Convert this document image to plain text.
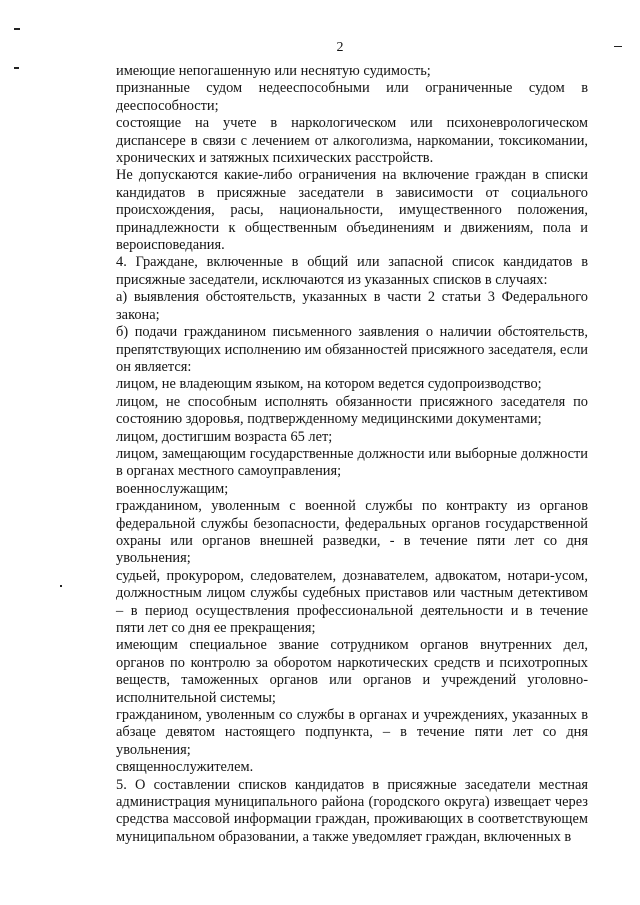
2

имеющие непогашенную или неснятую судимость;

признанные судом недееспособными или ограниченные судом в дееспособности;

состоящие на учете в наркологическом или психоневрологическом диспансере в связи с лечением от алкоголизма, наркомании, токсикомании, хронических и затяжных психических расстройств.

Не допускаются какие-либо ограничения на включение граждан в списки кандидатов в присяжные заседатели в зависимости от социального происхождения, расы, национальности, имущественного положения, принадлежности к общественным объединениям и движениям, пола и вероисповедания.

4. Граждане, включенные в общий или запасной список кандидатов в присяжные заседатели, исключаются из указанных списков в случаях:

а) выявления обстоятельств, указанных в части 2 статьи 3 Федерального закона;

б) подачи гражданином письменного заявления о наличии обстоятельств, препятствующих исполнению им обязанностей присяжного заседателя, если он является:

лицом, не владеющим языком, на котором ведется судопроизводство;

лицом, не способным исполнять обязанности присяжного заседателя по состоянию здоровья, подтвержденному медицинскими документами;

лицом, достигшим возраста 65 лет;

лицом, замещающим государственные должности или выборные должности в органах местного самоуправления;

военнослужащим;

гражданином, уволенным с военной службы по контракту из органов федеральной службы безопасности, федеральных органов государственной охраны или органов внешней разведки, - в течение пяти лет со дня увольнения;

судьей, прокурором, следователем, дознавателем, адвокатом, нотари-усом, должностным лицом службы судебных приставов или частным детективом – в период осуществления профессиональной деятельности и в течение пяти лет со дня ее прекращения;

имеющим специальное звание сотрудником органов внутренних дел, органов по контролю за оборотом наркотических средств и психотропных веществ, таможенных органов или органов и учреждений уголовно-исполнительной системы;

гражданином, уволенным со службы в органах и учреждениях, указанных в абзаце девятом настоящего подпункта, – в течение пяти лет со дня увольнения;

священнослужителем.

5. О составлении списков кандидатов в присяжные заседатели местная администрация муниципального района (городского округа) извещает через средства массовой информации граждан, проживающих в соответствующем муниципальном образовании, а также уведомляет граждан, включенных в
